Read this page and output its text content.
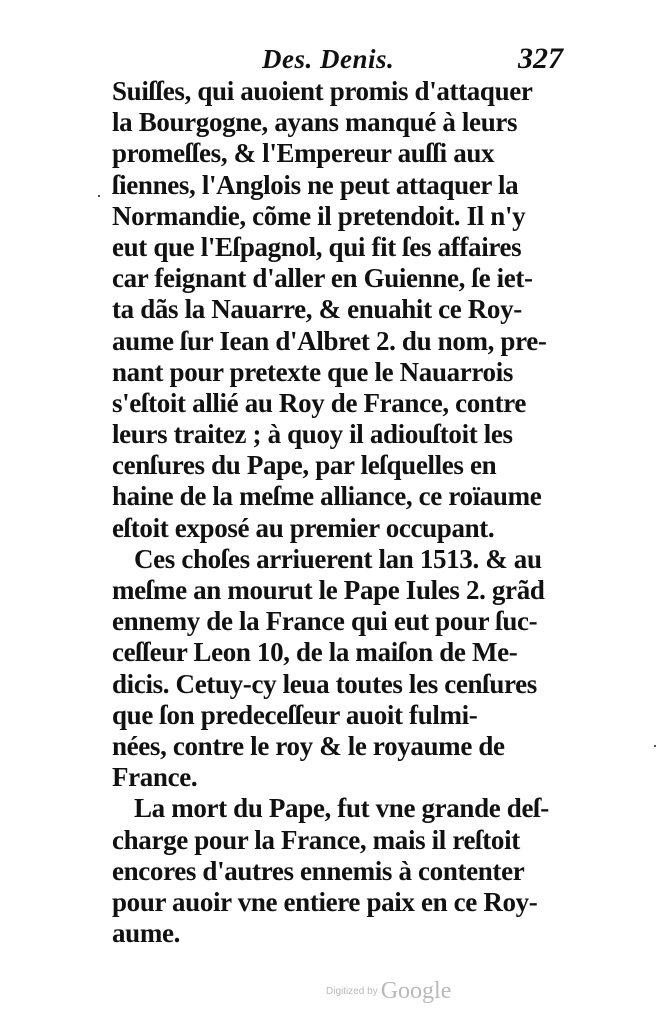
Des. Denis.	327
Suiſſes, qui auoient promis d'attaquer
la Bourgogne, ayans manqué à leurs
promeſſes, & l'Empereur auſſi aux
ſiennes, l'Anglois ne peut attaquer la
Normandie, cõme il pretendoit. Il n'y
eut que l'Eſpagnol, qui fit ſes affaires
car feignant d'aller en Guienne, ſe iet-
ta dãs la Nauarre, & enuahit ce Roy-
aume ſur Iean d'Albret 2. du nom, pre-
nant pour pretexte que le Nauarrois
s'eſtoit allié au Roy de France, contre
leurs traitez ; à quoy il adiouſtoit les
cenſures du Pape, par leſquelles en
haine de la meſme alliance, ce roïaume
eſtoit exposé au premier occupant.
Ces choſes arriuerent lan 1513. & au
meſme an mourut le Pape Iules 2. grãd
ennemy de la France qui eut pour ſuc-
ceſſeur Leon 10, de la maiſon de Me-
dicis. Cetuy-cy leua toutes les cenſures
que ſon predeceſſeur auoit fulmi-
nées, contre le roy & le royaume de
France.
La mort du Pape, fut vne grande deſ-
charge pour la France, mais il reſtoit
encores d'autres ennemis à contenter
pour auoir vne entiere paix en ce Roy-
aume.
·
·
Digitized by Google
